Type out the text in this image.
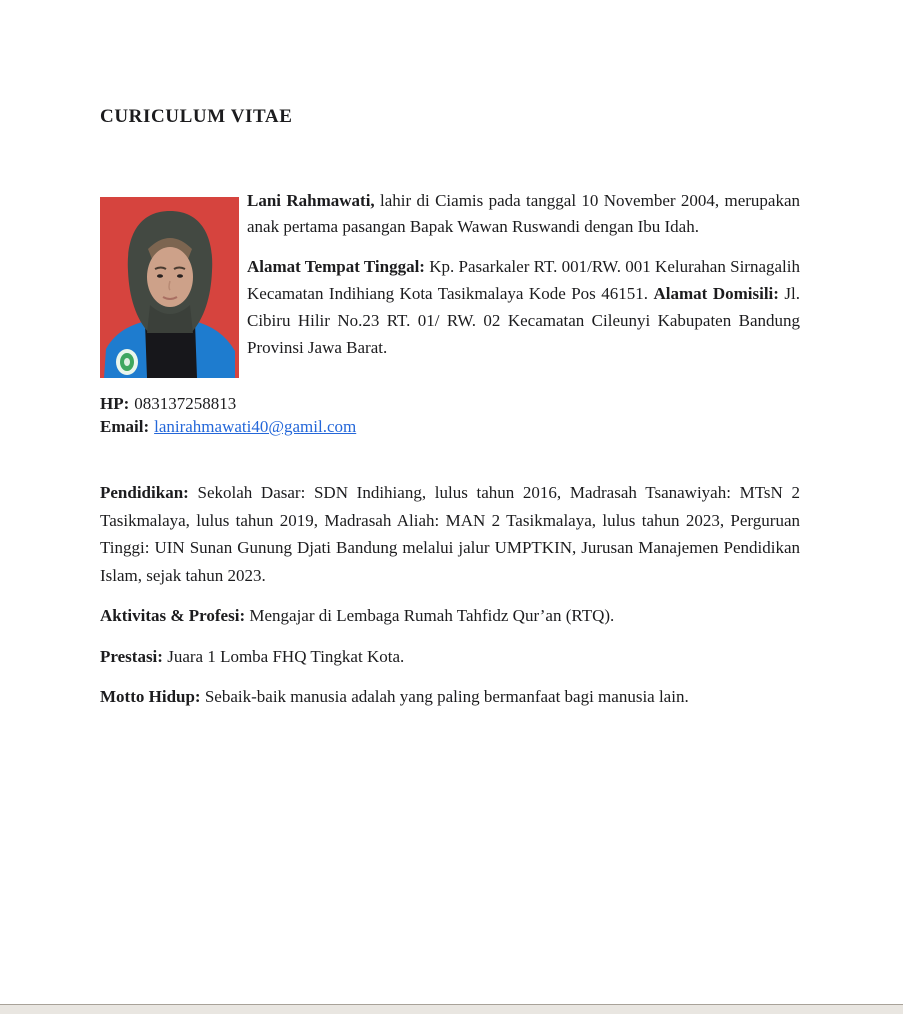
CURICULUM VITAE

Lani Rahmawati, lahir di Ciamis pada tanggal 10 November 2004, merupakan anak pertama pasangan Bapak Wawan Ruswandi dengan Ibu Idah.

Alamat Tempat Tinggal: Kp. Pasarkaler RT. 001/RW. 001 Kelurahan Sirnagalih Kecamatan Indihiang Kota Tasikmalaya Kode Pos 46151. Alamat Domisili: Jl. Cibiru Hilir No.23 RT. 01/ RW. 02 Kecamatan Cileunyi Kabupaten Bandung Provinsi Jawa Barat.

HP: 083137258813
Email: lanirahmawati40@gamil.com

Pendidikan: Sekolah Dasar: SDN Indihiang, lulus tahun 2016, Madrasah Tsanawiyah: MTsN 2 Tasikmalaya, lulus tahun 2019, Madrasah Aliah: MAN 2 Tasikmalaya, lulus tahun 2023, Perguruan Tinggi: UIN Sunan Gunung Djati Bandung melalui jalur UMPTKIN, Jurusan Manajemen Pendidikan Islam, sejak tahun 2023.

Aktivitas & Profesi: Mengajar di Lembaga Rumah Tahfidz Qur’an (RTQ).

Prestasi: Juara 1 Lomba FHQ Tingkat Kota.

Motto Hidup: Sebaik-baik manusia adalah yang paling bermanfaat bagi manusia lain.
